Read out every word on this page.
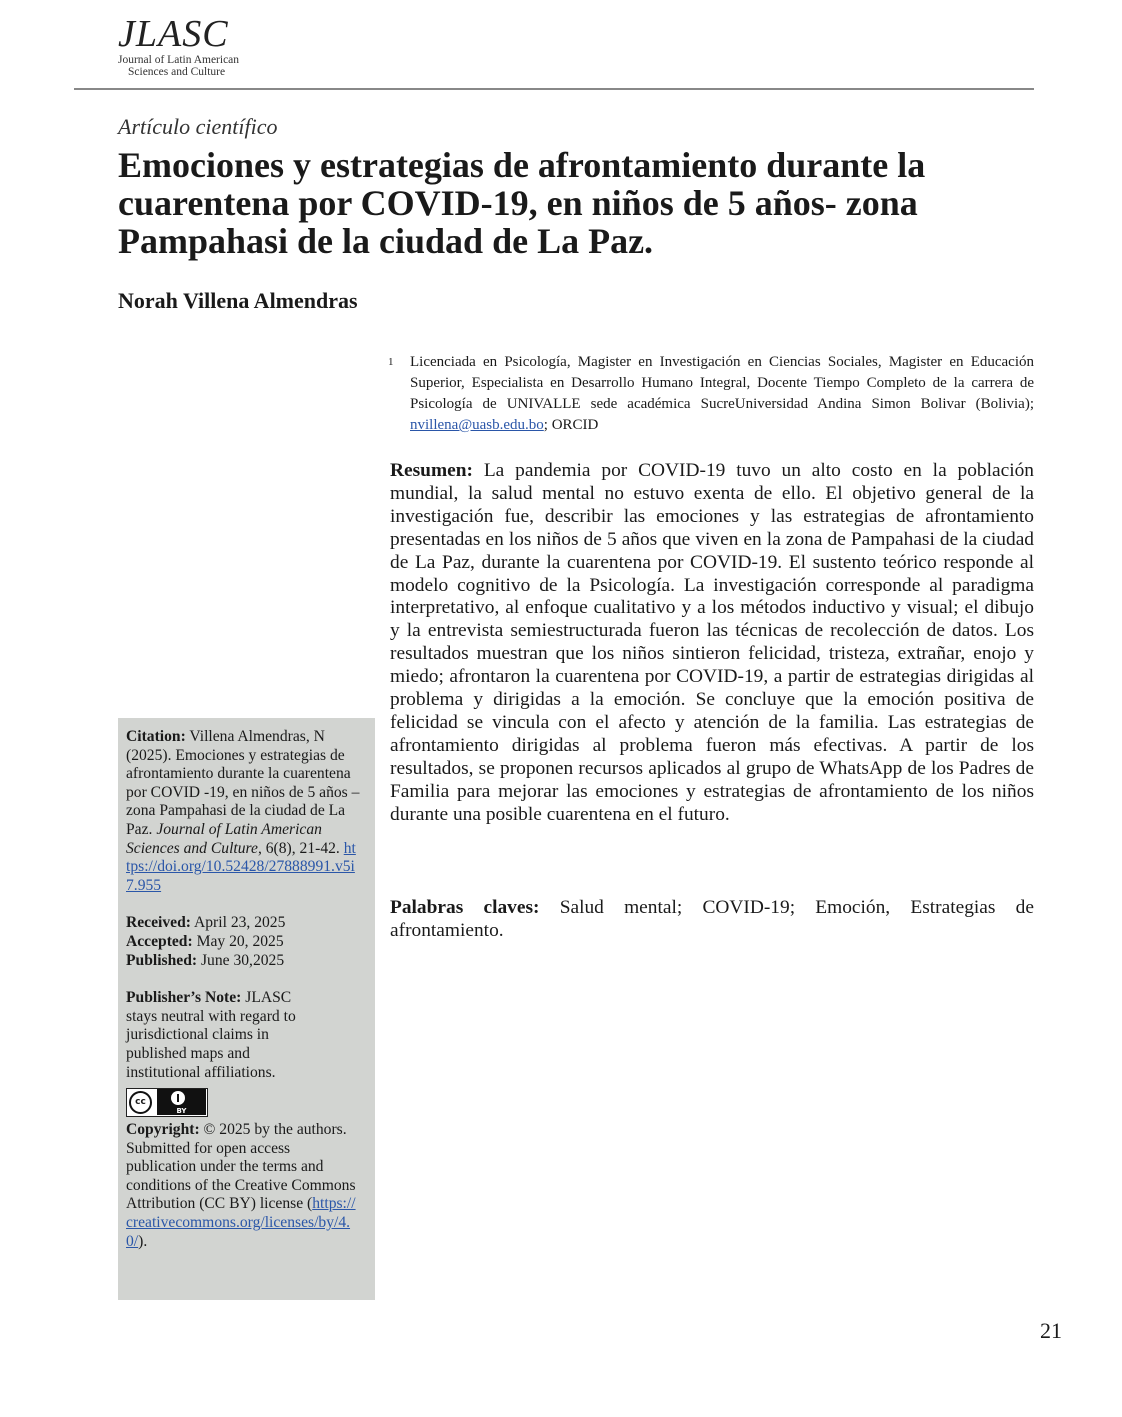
JLASC
Journal of Latin American
Sciences and Culture
Artículo científico
Emociones y estrategias de afrontamiento durante la cuarentena por COVID-19, en niños de 5 años- zona Pampahasi de la ciudad de La Paz.
Norah Villena Almendras
1 Licenciada en Psicología, Magister en Investigación en Ciencias Sociales, Magister en Educación Superior, Especialista en Desarrollo Humano Integral, Docente Tiempo Completo de la carrera de Psicología de UNIVALLE sede académica SucreUniversidad Andina Simon Bolivar (Bolivia); nvillena@uasb.edu.bo; ORCID

Resumen: La pandemia por COVID-19 tuvo un alto costo en la población mundial, la salud mental no estuvo exenta de ello. El objetivo general de la investigación fue, describir las emociones y las estrategias de afrontamiento presentadas en los niños de 5 años que viven en la zona de Pampahasi de la ciudad de La Paz, durante la cuarentena por COVID-19. El sustento teórico responde al modelo cognitivo de la Psicología. La investigación corresponde al paradigma interpretativo, al enfoque cualitativo y a los métodos inductivo y visual; el dibujo y la entrevista semiestructurada fueron las técnicas de recolección de datos. Los resultados muestran que los niños sintieron felicidad, tristeza, extrañar, enojo y miedo; afrontaron la cuarentena por COVID-19, a partir de estrategias dirigidas al problema y dirigidas a la emoción. Se concluye que la emoción positiva de felicidad se vincula con el afecto y atención de la familia. Las estrategias de afrontamiento dirigidas al problema fueron más efectivas. A partir de los resultados, se proponen recursos aplicados al grupo de WhatsApp de los Padres de Familia para mejorar las emociones y estrategias de afrontamiento de los niños durante una posible cuarentena en el futuro.

Palabras claves: Salud mental; COVID-19; Emoción, Estrategias de afrontamiento.

Citation: Villena Almendras, N (2025). Emociones y estrategias de afrontamiento durante la cuarentena por COVID -19, en niños de 5 años – zona Pampahasi de la ciudad de La Paz. Journal of Latin American Sciences and Culture, 6(8), 21-42. https://doi.org/10.52428/27888991.v5i7.955

Received: April 23, 2025
Accepted: May 20, 2025
Published: June 30,2025

Publisher’s Note: JLASC stays neutral with regard to jurisdictional claims in published maps and institutional affiliations.

cc
BY

Copyright: © 2025 by the authors. Submitted for open access publication under the terms and conditions of the Creative Commons Attribution (CC BY) license (https://creativecommons.org/licenses/by/4.0/).

21
